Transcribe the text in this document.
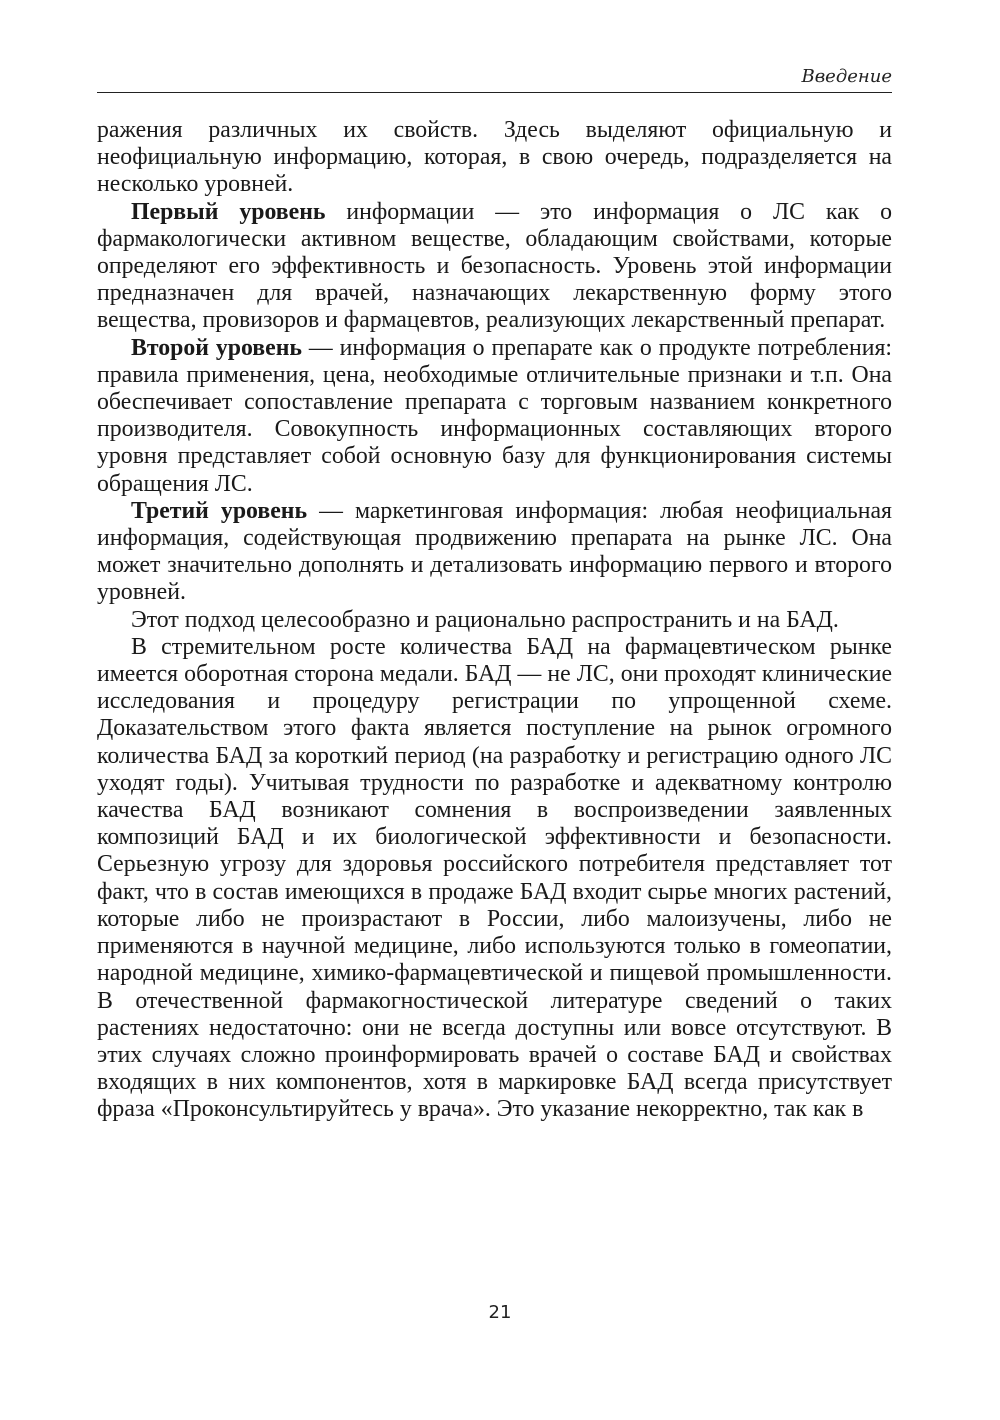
Введение

ражения различных их свойств. Здесь выделяют официальную и неофициальную информацию, которая, в свою очередь, подразделяется на несколько уровней.

Первый уровень информации — это информация о ЛС как о фармакологически активном веществе, обладающим свойствами, которые определяют его эффективность и безопасность. Уровень этой информации предназначен для врачей, назначающих лекарственную форму этого вещества, провизоров и фармацевтов, реализующих лекарственный препарат.

Второй уровень — информация о препарате как о продукте потребления: правила применения, цена, необходимые отличительные признаки и т.п. Она обеспечивает сопоставление препарата с торговым названием конкретного производителя. Совокупность информационных составляющих второго уровня представляет собой основную базу для функционирования системы обращения ЛС.

Третий уровень — маркетинговая информация: любая неофициальная информация, содействующая продвижению препарата на рынке ЛС. Она может значительно дополнять и детализовать информацию первого и второго уровней.

Этот подход целесообразно и рационально распространить и на БАД.

В стремительном росте количества БАД на фармацевтическом рынке имеется оборотная сторона медали. БАД — не ЛС, они проходят клинические исследования и процедуру регистрации по упрощенной схеме. Доказательством этого факта является поступление на рынок огромного количества БАД за короткий период (на разработку и регистрацию одного ЛС уходят годы). Учитывая трудности по разработке и адекватному контролю качества БАД возникают сомнения в воспроизведении заявленных композиций БАД и их биологической эффективности и безопасности. Серьезную угрозу для здоровья российского потребителя представляет тот факт, что в состав имеющихся в продаже БАД входит сырье многих растений, которые либо не произрастают в России, либо малоизучены, либо не применяются в научной медицине, либо используются только в гомеопатии, народной медицине, химико-фармацевтической и пищевой промышленности. В отечественной фармакогностической литературе сведений о таких растениях недостаточно: они не всегда доступны или вовсе отсутствуют. В этих случаях сложно проинформировать врачей о составе БАД и свойствах входящих в них компонентов, хотя в маркировке БАД всегда присутствует фраза «Проконсультируйтесь у врача». Это указание некорректно, так как в

21
